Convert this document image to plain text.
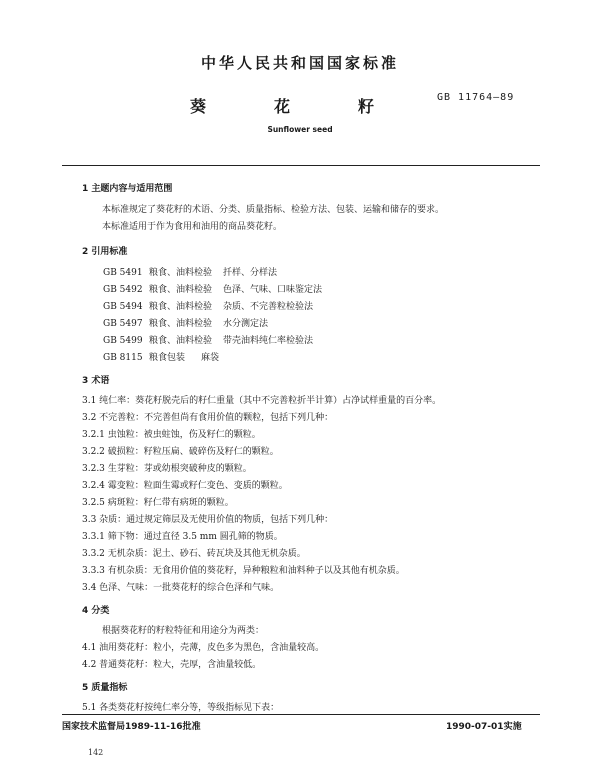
中华人民共和国国家标准
葵花籽
GB 11764—89
Sunflower seed
1 主题内容与适用范围
本标准规定了葵花籽的术语、分类、质量指标、检验方法、包装、运输和储存的要求。
本标准适用于作为食用和油用的商品葵花籽。
2 引用标准
GB 5491 粮食、油料检验 扦样、分样法
GB 5492 粮食、油料检验 色泽、气味、口味鉴定法
GB 5494 粮食、油料检验 杂质、不完善粒检验法
GB 5497 粮食、油料检验 水分测定法
GB 5499 粮食、油料检验 带壳油料纯仁率检验法
GB 8115 粮食包装 麻袋
3 术语
3.1 纯仁率：葵花籽脱壳后的籽仁重量（其中不完善粒折半计算）占净试样重量的百分率。
3.2 不完善粒：不完善但尚有食用价值的颗粒，包括下列几种：
3.2.1 虫蚀粒：被虫蛀蚀，伤及籽仁的颗粒。
3.2.2 破损粒：籽粒压扁、破碎伤及籽仁的颗粒。
3.2.3 生芽粒：芽或幼根突破种皮的颗粒。
3.2.4 霉变粒：粒面生霉或籽仁变色、变质的颗粒。
3.2.5 病斑粒：籽仁带有病斑的颗粒。
3.3 杂质：通过规定筛层及无使用价值的物质，包括下列几种：
3.3.1 筛下物：通过直径 3.5 mm 圆孔筛的物质。
3.3.2 无机杂质：泥土、砂石、砖瓦块及其他无机杂质。
3.3.3 有机杂质：无食用价值的葵花籽，异种粮粒和油料种子以及其他有机杂质。
3.4 色泽、气味：一批葵花籽的综合色泽和气味。
4 分类
根据葵花籽的籽粒特征和用途分为两类：
4.1 油用葵花籽：粒小，壳薄，皮色多为黑色，含油量较高。
4.2 普通葵花籽：粒大，壳厚，含油量较低。
5 质量指标
5.1 各类葵花籽按纯仁率分等，等级指标见下表：
国家技术监督局1989-11-16批准	1990-07-01实施
142
